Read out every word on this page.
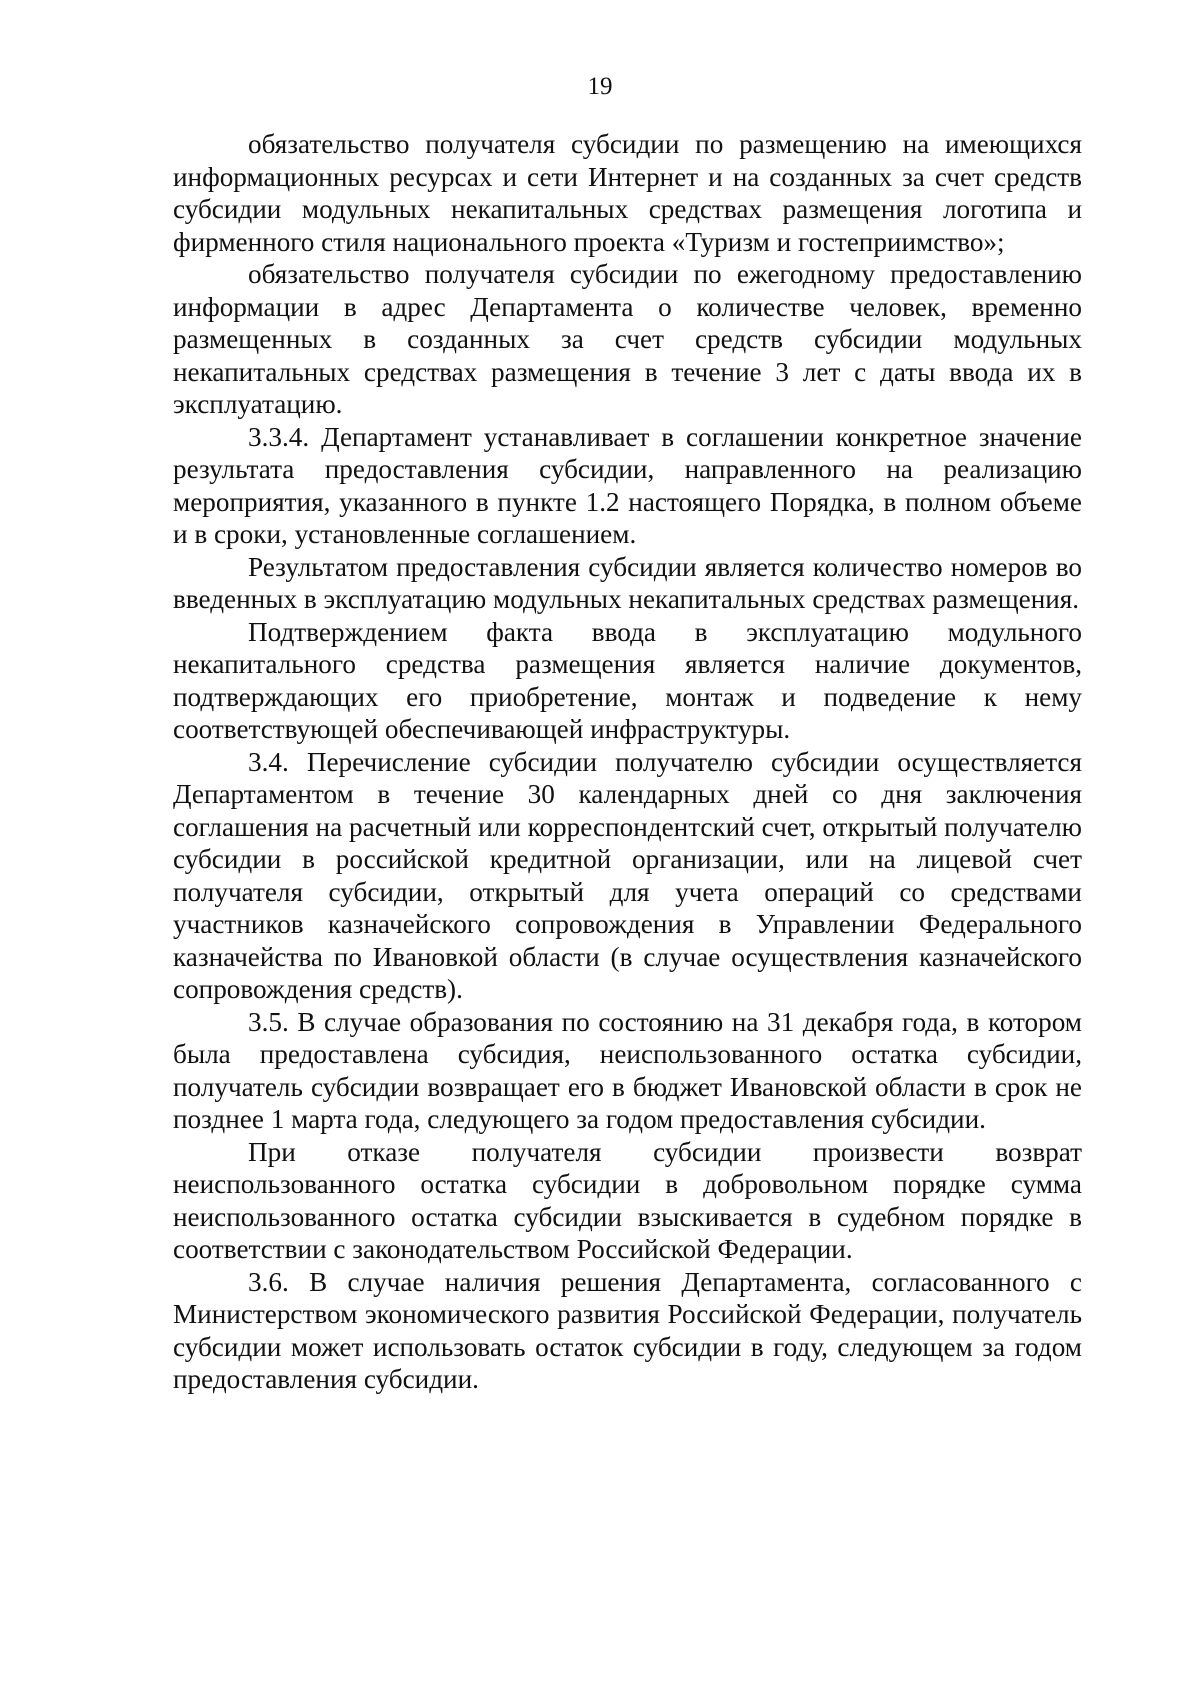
19

обязательство получателя субсидии по размещению на имеющихся информационных ресурсах и сети Интернет и на созданных за счет средств субсидии модульных некапитальных средствах размещения логотипа и фирменного стиля национального проекта «Туризм и гостеприимство»;

обязательство получателя субсидии по ежегодному предоставлению информации в адрес Департамента о количестве человек, временно размещенных в созданных за счет средств субсидии модульных некапитальных средствах размещения в течение 3 лет с даты ввода их в эксплуатацию.

3.3.4. Департамент устанавливает в соглашении конкретное значение результата предоставления субсидии, направленного на реализацию мероприятия, указанного в пункте 1.2 настоящего Порядка, в полном объеме и в сроки, установленные соглашением.

Результатом предоставления субсидии является количество номеров во введенных в эксплуатацию модульных некапитальных средствах размещения.

Подтверждением факта ввода в эксплуатацию модульного некапитального средства размещения является наличие документов, подтверждающих его приобретение, монтаж и подведение к нему соответствующей обеспечивающей инфраструктуры.

3.4. Перечисление субсидии получателю субсидии осуществляется Департаментом в течение 30 календарных дней со дня заключения соглашения на расчетный или корреспондентский счет, открытый получателю субсидии в российской кредитной организации, или на лицевой счет получателя субсидии, открытый для учета операций со средствами участников казначейского сопровождения в Управлении Федерального казначейства по Ивановкой области (в случае осуществления казначейского сопровождения средств).

3.5. В случае образования по состоянию на 31 декабря года, в котором была предоставлена субсидия, неиспользованного остатка субсидии, получатель субсидии возвращает его в бюджет Ивановской области в срок не позднее 1 марта года, следующего за годом предоставления субсидии.

При отказе получателя субсидии произвести возврат неиспользованного остатка субсидии в добровольном порядке сумма неиспользованного остатка субсидии взыскивается в судебном порядке в соответствии с законодательством Российской Федерации.

3.6. В случае наличия решения Департамента, согласованного с Министерством экономического развития Российской Федерации, получатель субсидии может использовать остаток субсидии в году, следующем за годом предоставления субсидии.
